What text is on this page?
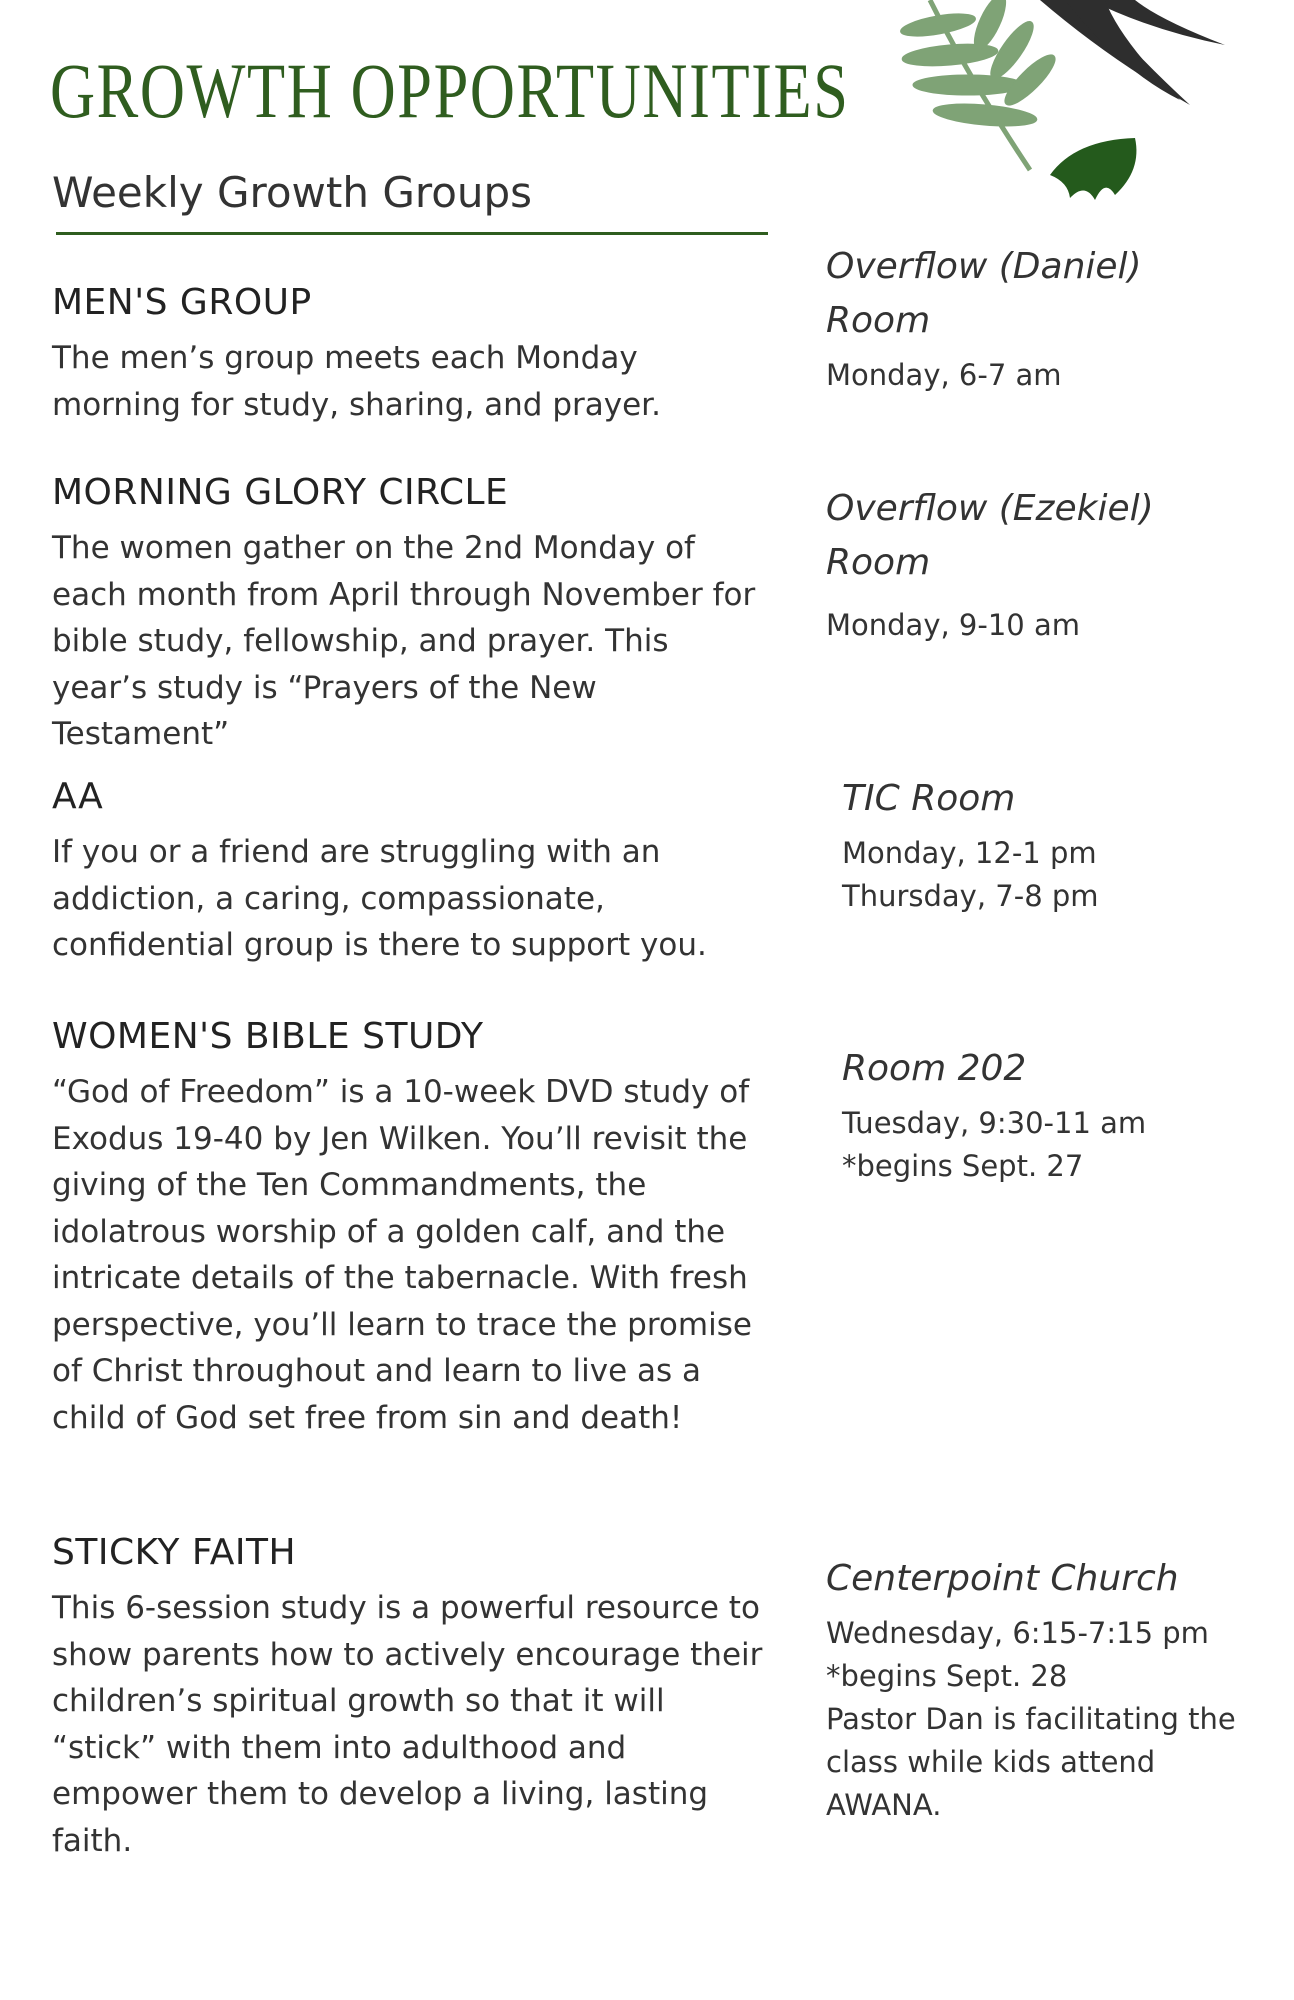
GROWTH OPPORTUNITIES
Weekly Growth Groups
MEN'S GROUP

The men’s group meets each Monday morning for study, sharing, and prayer.

Overflow (Daniel) Room

Monday, 6-7 am

MORNING GLORY CIRCLE

The women gather on the 2nd Monday of each month from April through November for bible study, fellowship, and prayer. This year’s study is “Prayers of the New Testament”

Overflow (Ezekiel) Room

Monday, 9-10 am

AA

If you or a friend are struggling with an addiction, a caring, compassionate, confidential group is there to support you.

TIC Room

Monday, 12-1 pm

Thursday, 7-8 pm

WOMEN'S BIBLE STUDY

“God of Freedom” is a 10-week DVD study of Exodus 19-40 by Jen Wilken. You’ll revisit the giving of the Ten Commandments, the idolatrous worship of a golden calf, and the intricate details of the tabernacle. With fresh perspective, you’ll learn to trace the promise of Christ throughout and learn to live as a child of God set free from sin and death!

Room 202

Tuesday, 9:30-11 am

*begins Sept. 27

STICKY FAITH

This 6-session study is a powerful resource to show parents how to actively encourage their children’s spiritual growth so that it will “stick” with them into adulthood and empower them to develop a living, lasting faith.

Centerpoint Church

Wednesday, 6:15-7:15 pm

*begins Sept. 28

Pastor Dan is facilitating the class while kids attend AWANA.
